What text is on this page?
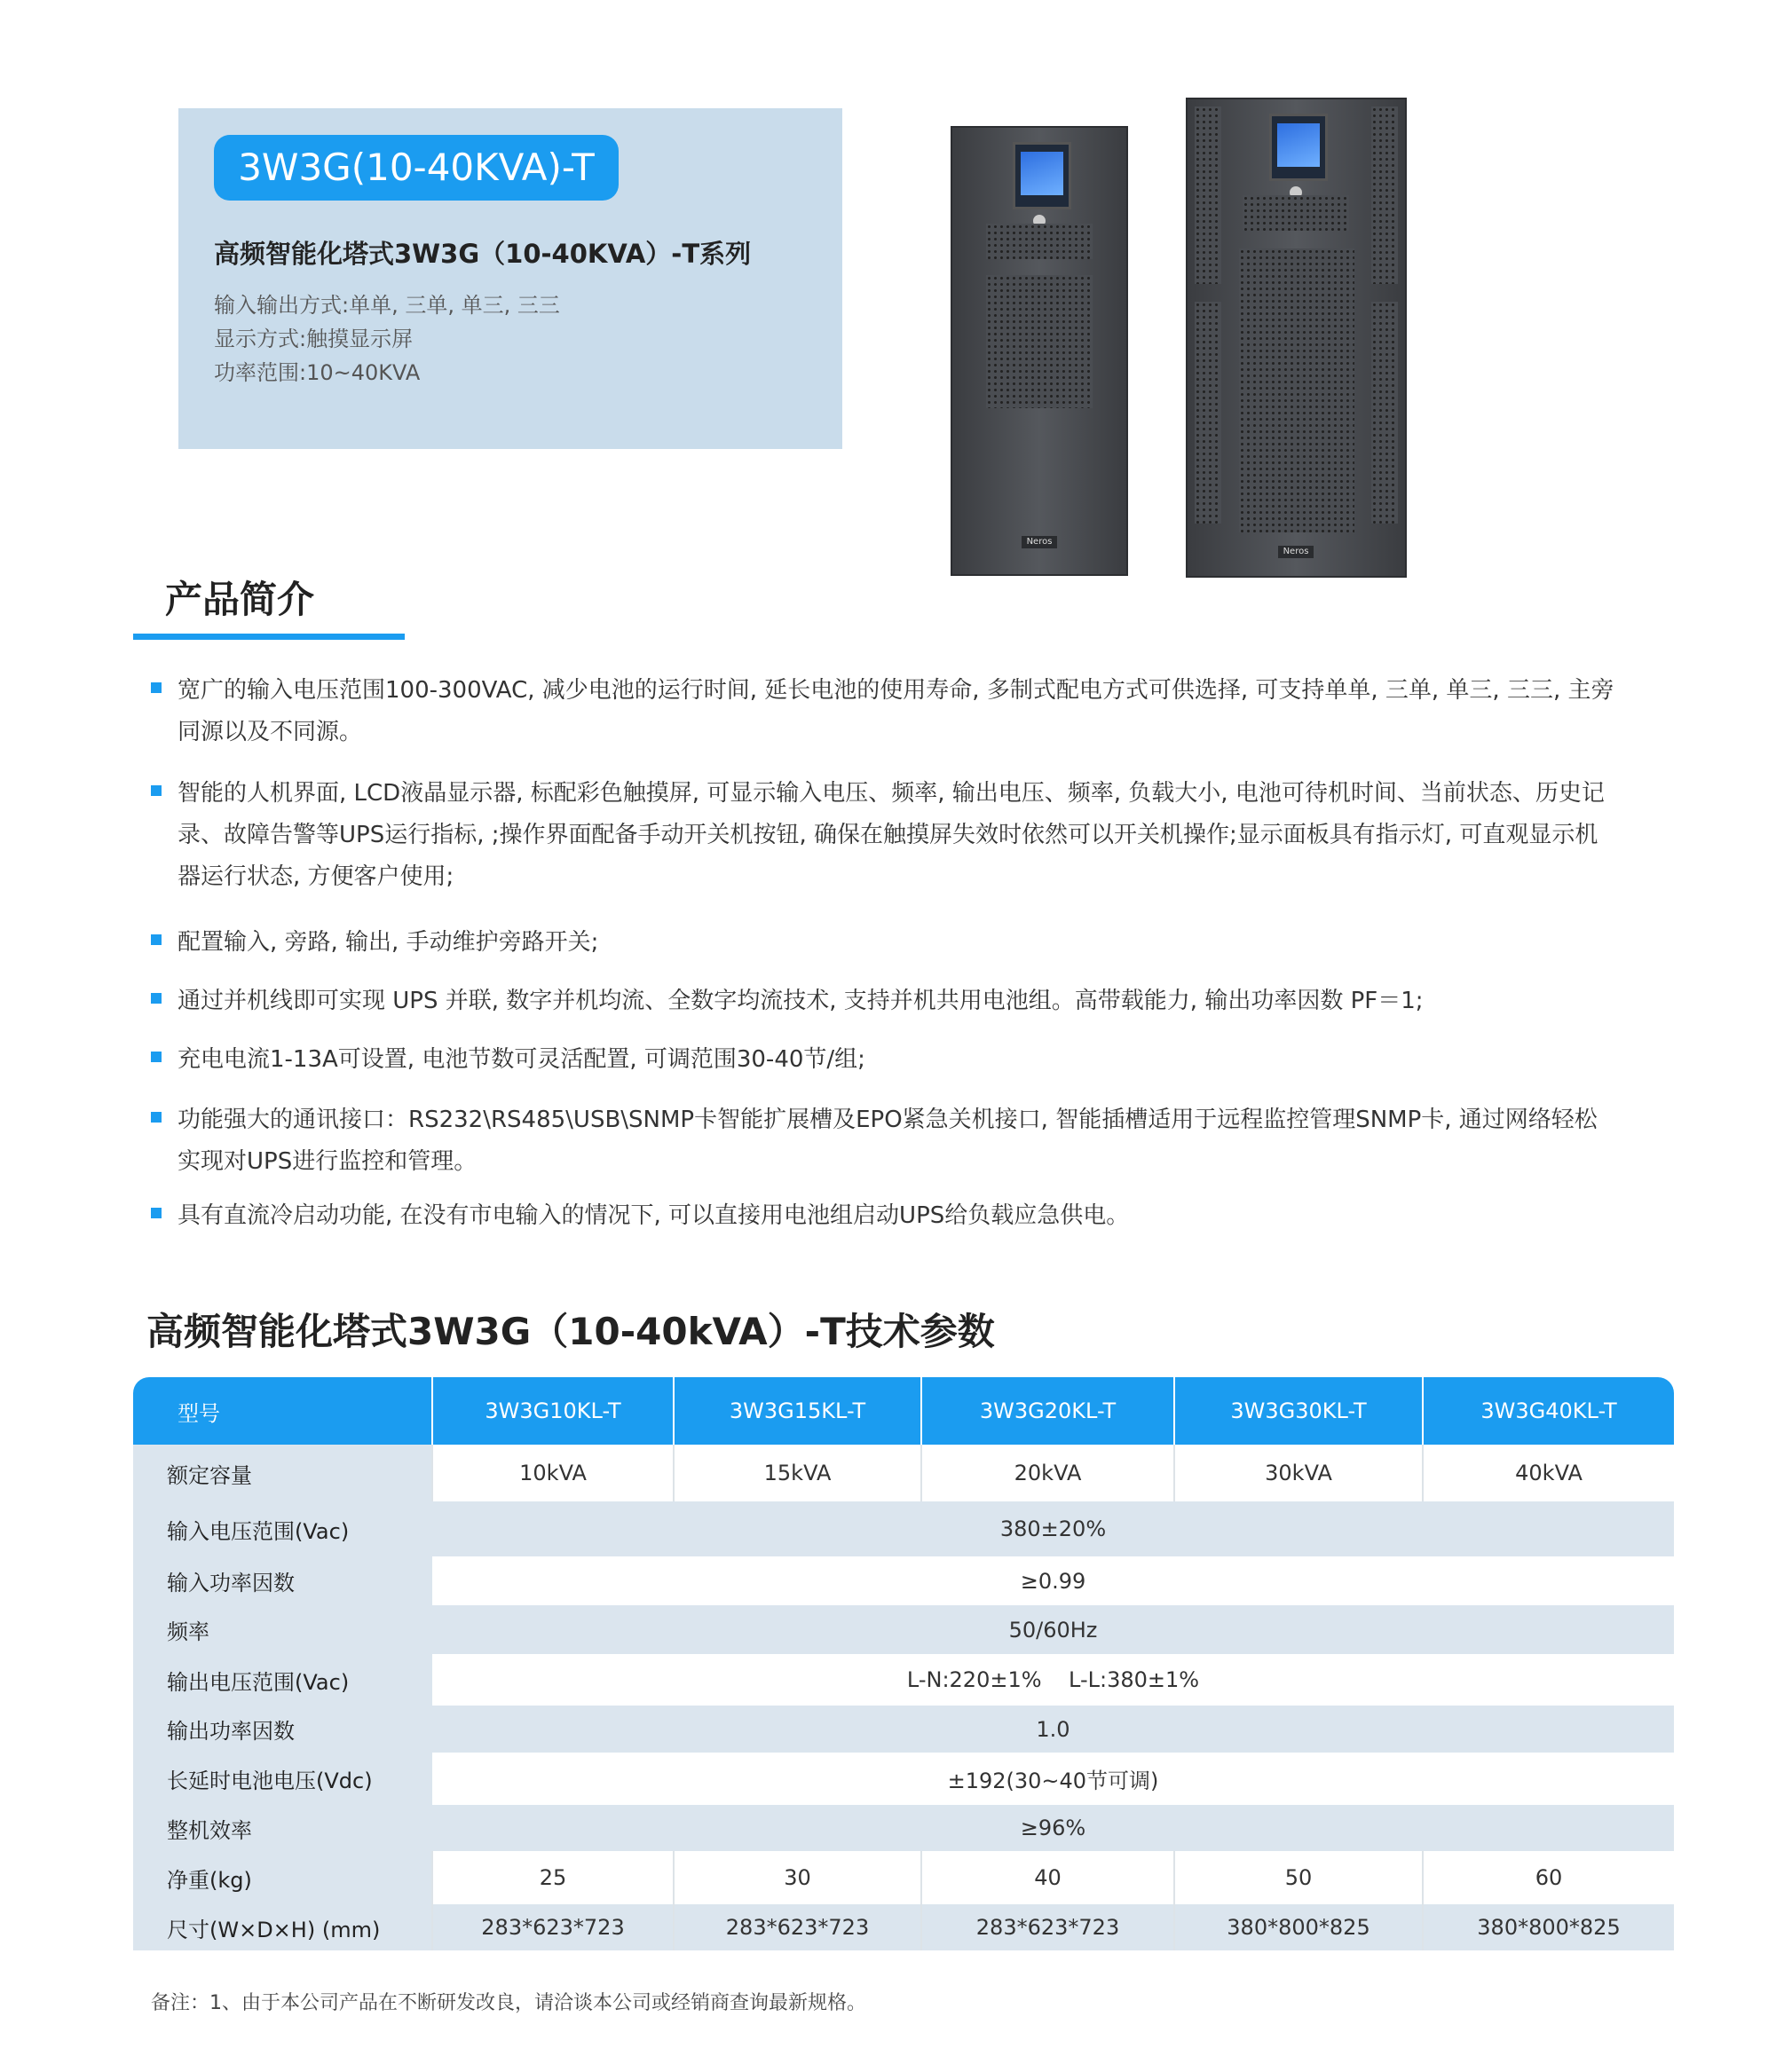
3W3G(10-40KVA)-T
高频智能化塔式3W3G（10-40KVA）-T系列
输入输出方式:单单, 三单, 单三, 三三
显示方式:触摸显示屏
功率范围:10~40KVA
Neros
Neros
产品简介
宽广的输入电压范围100-300VAC, 减少电池的运行时间, 延长电池的使用寿命, 多制式配电方式可供选择, 可支持单单, 三单, 单三, 三三, 主旁同源以及不同源。
智能的人机界面, LCD液晶显示器, 标配彩色触摸屏, 可显示输入电压、频率, 输出电压、频率, 负载大小, 电池可待机时间、当前状态、历史记录、故障告警等UPS运行指标, ;操作界面配备手动开关机按钮, 确保在触摸屏失效时依然可以开关机操作;显示面板具有指示灯, 可直观显示机器运行状态, 方便客户使用;
配置输入, 旁路, 输出, 手动维护旁路开关;
通过并机线即可实现 UPS 并联, 数字并机均流、全数字均流技术, 支持并机共用电池组。高带载能力, 输出功率因数 PF＝1;
充电电流1-13A可设置, 电池节数可灵活配置, 可调范围30-40节/组;
功能强大的通讯接口：RS232\RS485\USB\SNMP卡智能扩展槽及EPO紧急关机接口, 智能插槽适用于远程监控管理SNMP卡, 通过网络轻松实现对UPS进行监控和管理。
具有直流冷启动功能, 在没有市电输入的情况下, 可以直接用电池组启动UPS给负载应急供电。
高频智能化塔式3W3G（10-40kVA）-T技术参数
型号	3W3G10KL-T	3W3G15KL-T	3W3G20KL-T	3W3G30KL-T	3W3G40KL-T
额定容量	10kVA	15kVA	20kVA	30kVA	40kVA
输入电压范围(Vac)	380±20%				
输入功率因数	≥0.99				
频率	50/60Hz				
输出电压范围(Vac)	L-N:220±1%    L-L:380±1%				
输出功率因数	1.0				
长延时电池电压(Vdc)	±192(30~40节可调)				
整机效率	≥96%				
净重(kg)	25	30	40	50	60
尺寸(W×D×H) (mm)	283*623*723	283*623*723	283*623*723	380*800*825	380*800*825
备注：1、由于本公司产品在不断研发改良，请洽谈本公司或经销商查询最新规格。
